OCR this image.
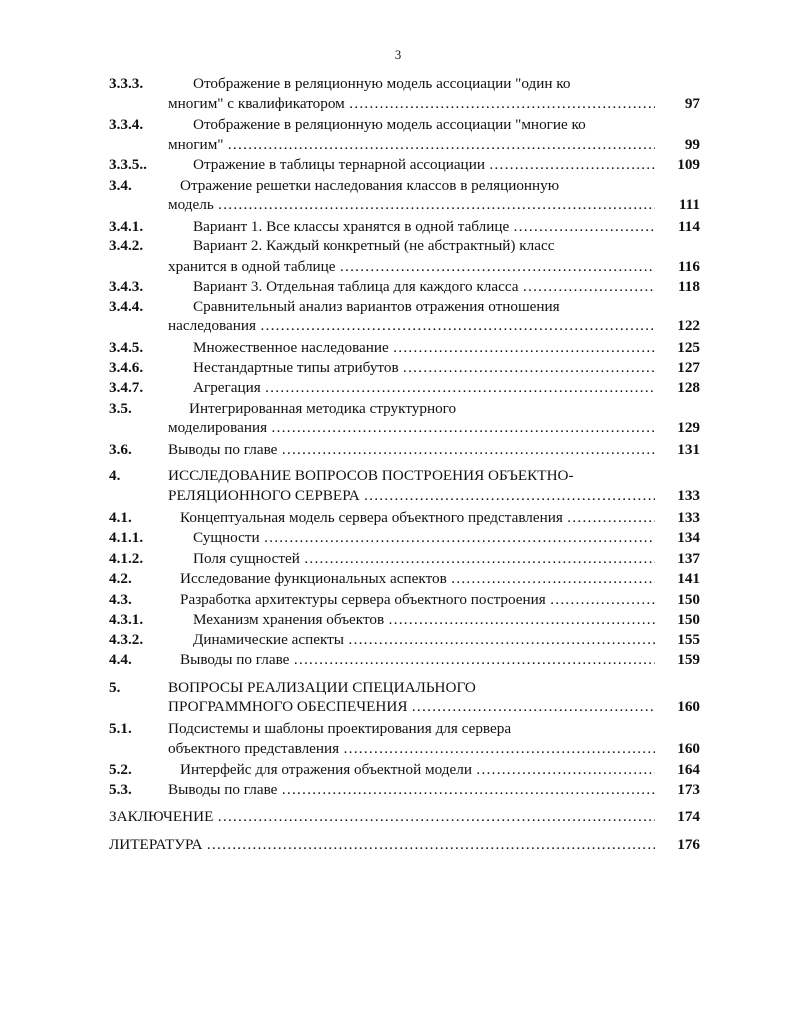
3
3.3.3.	Отображение в реляционную модель ассоциации "один ко
многим" с квалификатором ………………………………………………………………………………………………………………………	97
3.3.4.	Отображение в реляционную модель ассоциации "многие ко
многим" ………………………………………………………………………………………………………………………	99
3.3.5..	Отражение в таблицы тернарной ассоциации ………………………………………………………………………………………………………………………	109
3.4.	Отражение решетки наследования классов в реляционную
модель ………………………………………………………………………………………………………………………	111
3.4.1.	Вариант 1. Все классы хранятся в одной таблице ………………………………………………………………………………………………………………………	114
3.4.2.	Вариант 2. Каждый конкретный (не абстрактный) класс
хранится в одной таблице ………………………………………………………………………………………………………………………	116
3.4.3.	Вариант 3. Отдельная таблица для каждого класса ………………………………………………………………………………………………………………………	118
3.4.4.	Сравнительный анализ вариантов отражения отношения
наследования ………………………………………………………………………………………………………………………	122
3.4.5.	Множественное наследование ………………………………………………………………………………………………………………………	125
3.4.6.	Нестандартные типы атрибутов ………………………………………………………………………………………………………………………	127
3.4.7.	Агрегация ………………………………………………………………………………………………………………………	128
3.5.	Интегрированная методика структурного
моделирования ………………………………………………………………………………………………………………………	129
3.6. Выводы по главе ………………………………………………………………………………………………………………………	131
4.	ИССЛЕДОВАНИЕ ВОПРОСОВ ПОСТРОЕНИЯ ОБЪЕКТНО-
РЕЛЯЦИОННОГО СЕРВЕРА ………………………………………………………………………………………………………………………	133
4.1.	Концептуальная модель сервера объектного представления ………………………………………………………………………………………………………………………	133
4.1.1.	Сущности ………………………………………………………………………………………………………………………	134
4.1.2.	Поля сущностей ………………………………………………………………………………………………………………………	137
4.2.	Исследование функциональных аспектов ………………………………………………………………………………………………………………………	141
4.3.	Разработка архитектуры сервера объектного построения ………………………………………………………………………………………………………………………	150
4.3.1.	Механизм хранения объектов ………………………………………………………………………………………………………………………	150
4.3.2.	Динамические аспекты ………………………………………………………………………………………………………………………	155
4.4.	Выводы по главе ………………………………………………………………………………………………………………………	159
5.	ВОПРОСЫ РЕАЛИЗАЦИИ СПЕЦИАЛЬНОГО
ПРОГРАММНОГО ОБЕСПЕЧЕНИЯ ………………………………………………………………………………………………………………………	160
5.1. Подсистемы и шаблоны проектирования для сервера
объектного представления ………………………………………………………………………………………………………………………	160
5.2.	Интерфейс для отражения объектной модели ………………………………………………………………………………………………………………………	164
5.3. Выводы по главе ………………………………………………………………………………………………………………………	173
ЗАКЛЮЧЕНИЕ ………………………………………………………………………………………………………………………	174
ЛИТЕРАТУРА ………………………………………………………………………………………………………………………	176
